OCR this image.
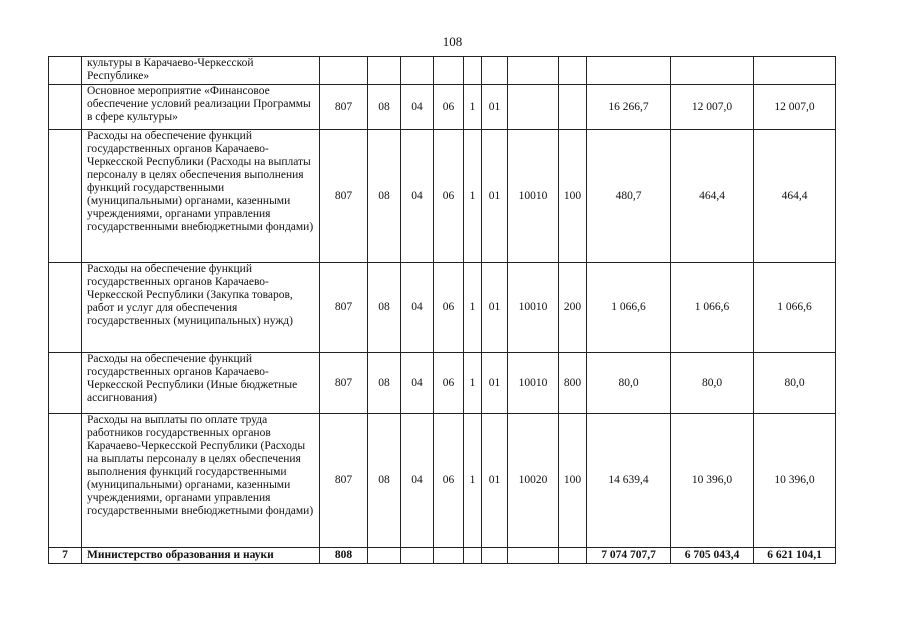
108
	культуры в Карачаево-Черкесской Республике»											
	Основное мероприятие «Финансовое обеспечение условий реализации Программы в сфере культуры»	807	08	04	06	1	01			16 266,7	12 007,0	12 007,0
	Расходы на обеспечение функций государственных органов Карачаево-Черкесской Республики (Расходы на выплаты персоналу в целях обеспечения выполнения функций государственными (муниципальными) органами, казенными учреждениями, органами управления государственными внебюджетными фондами)	807	08	04	06	1	01	10010	100	480,7	464,4	464,4
	Расходы на обеспечение функций государственных органов Карачаево-Черкесской Республики (Закупка товаров, работ и услуг для обеспечения государственных (муниципальных) нужд)	807	08	04	06	1	01	10010	200	1 066,6	1 066,6	1 066,6
	Расходы на обеспечение функций государственных органов Карачаево-Черкесской Республики (Иные бюджетные ассигнования)	807	08	04	06	1	01	10010	800	80,0	80,0	80,0
	Расходы на выплаты по оплате труда работников государственных органов Карачаево-Черкесской Республики (Расходы на выплаты персоналу в целях обеспечения выполнения функций государственными (муниципальными) органами, казенными учреждениями, органами управления государственными внебюджетными фондами)	807	08	04	06	1	01	10020	100	14 639,4	10 396,0	10 396,0
7	Министерство образования и науки	808								7 074 707,7	6 705 043,4	6 621 104,1
